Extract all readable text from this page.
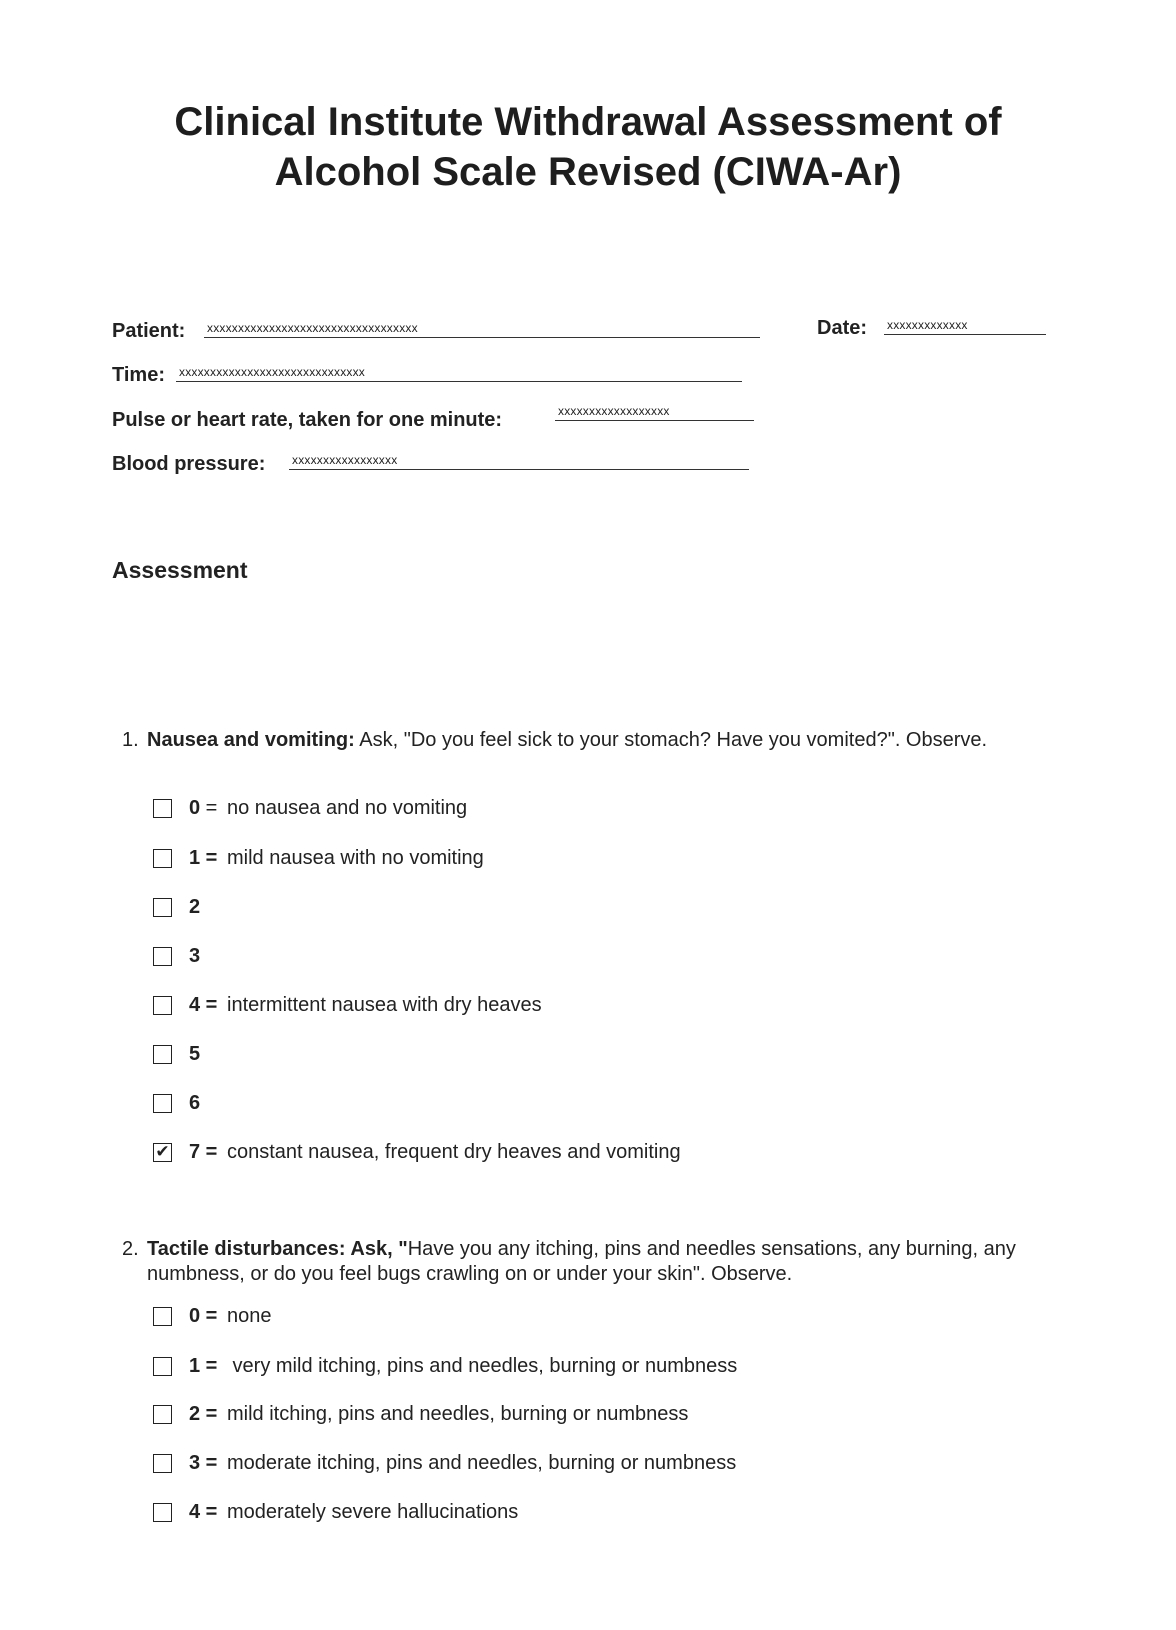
Clinical Institute Withdrawal Assessment of
Alcohol Scale Revised (CIWA-Ar)
Patient: xxxxxxxxxxxxxxxxxxxxxxxxxxxxxxxxxx	Date: xxxxxxxxxxxxx
Time: xxxxxxxxxxxxxxxxxxxxxxxxxxxxxx
Pulse or heart rate, taken for one minute:	xxxxxxxxxxxxxxxxxx
Blood pressure: xxxxxxxxxxxxxxxxx
Assessment
1. Nausea and vomiting: Ask, "Do you feel sick to your stomach? Have you vomited?". Observe.
0 = no nausea and no vomiting
1 = mild nausea with no vomiting
2
3
4 = intermittent nausea with dry heaves
5
6
✔ 7 = constant nausea, frequent dry heaves and vomiting
2. Tactile disturbances: Ask, "Have you any itching, pins and needles sensations, any burning, any numbness, or do you feel bugs crawling on or under your skin". Observe.
0 = none
1 = very mild itching, pins and needles, burning or numbness
2 = mild itching, pins and needles, burning or numbness
3 = moderate itching, pins and needles, burning or numbness
4 = moderately severe hallucinations
